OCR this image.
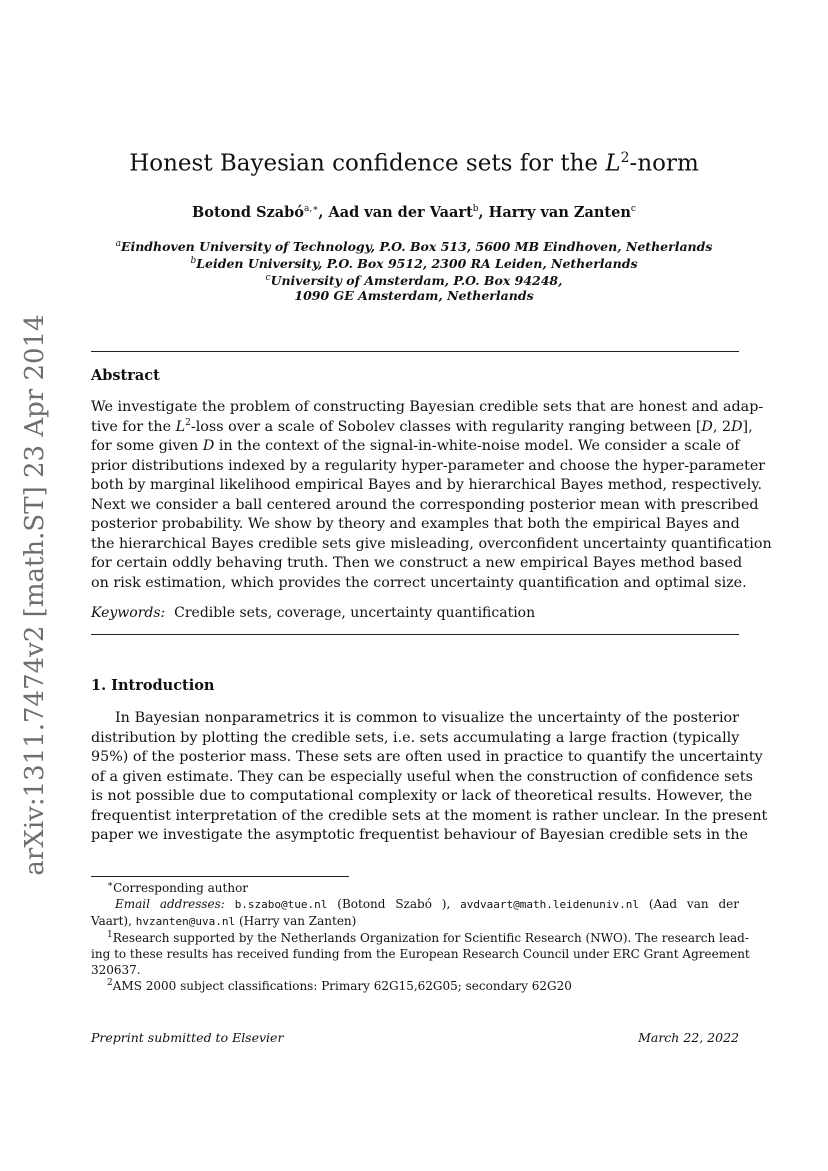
arXiv:1311.7474v2 [math.ST] 23 Apr 2014
Honest Bayesian confidence sets for the $L^2$-norm
Botond Szabó$^{a,∗}$, Aad van der Vaart$^b$, Harry van Zanten$^c$
$^a$Eindhoven University of Technology, P.O. Box 513, 5600 MB Eindhoven, Netherlands
$^b$Leiden University, P.O. Box 9512, 2300 RA Leiden, Netherlands
$^c$University of Amsterdam, P.O. Box 94248,
1090 GE Amsterdam, Netherlands
Abstract
We investigate the problem of constructing Bayesian credible sets that are honest and adap-
tive for the $L^2$-loss over a scale of Sobolev classes with regularity ranging between [D, 2D],
for some given D in the context of the signal-in-white-noise model. We consider a scale of
prior distributions indexed by a regularity hyper-parameter and choose the hyper-parameter
both by marginal likelihood empirical Bayes and by hierarchical Bayes method, respectively.
Next we consider a ball centered around the corresponding posterior mean with prescribed
posterior probability. We show by theory and examples that both the empirical Bayes and
the hierarchical Bayes credible sets give misleading, overconfident uncertainty quantification
for certain oddly behaving truth. Then we construct a new empirical Bayes method based
on risk estimation, which provides the correct uncertainty quantification and optimal size.
Keywords: Credible sets, coverage, uncertainty quantification
1. Introduction
In Bayesian nonparametrics it is common to visualize the uncertainty of the posterior
distribution by plotting the credible sets, i.e. sets accumulating a large fraction (typically
95%) of the posterior mass. These sets are often used in practice to quantify the uncertainty
of a given estimate. They can be especially useful when the construction of confidence sets
is not possible due to computational complexity or lack of theoretical results. However, the
frequentist interpretation of the credible sets at the moment is rather unclear. In the present
paper we investigate the asymptotic frequentist behaviour of Bayesian credible sets in the
∗Corresponding author
Email addresses: b.szabo@tue.nl (Botond Szabó ), avdvaart@math.leidenuniv.nl (Aad van der
Vaart), hvzanten@uva.nl (Harry van Zanten)
$^1$Research supported by the Netherlands Organization for Scientific Research (NWO). The research lead-
ing to these results has received funding from the European Research Council under ERC Grant Agreement
320637.
$^2$AMS 2000 subject classifications: Primary 62G15,62G05; secondary 62G20
Preprint submitted to Elsevier	March 22, 2022
